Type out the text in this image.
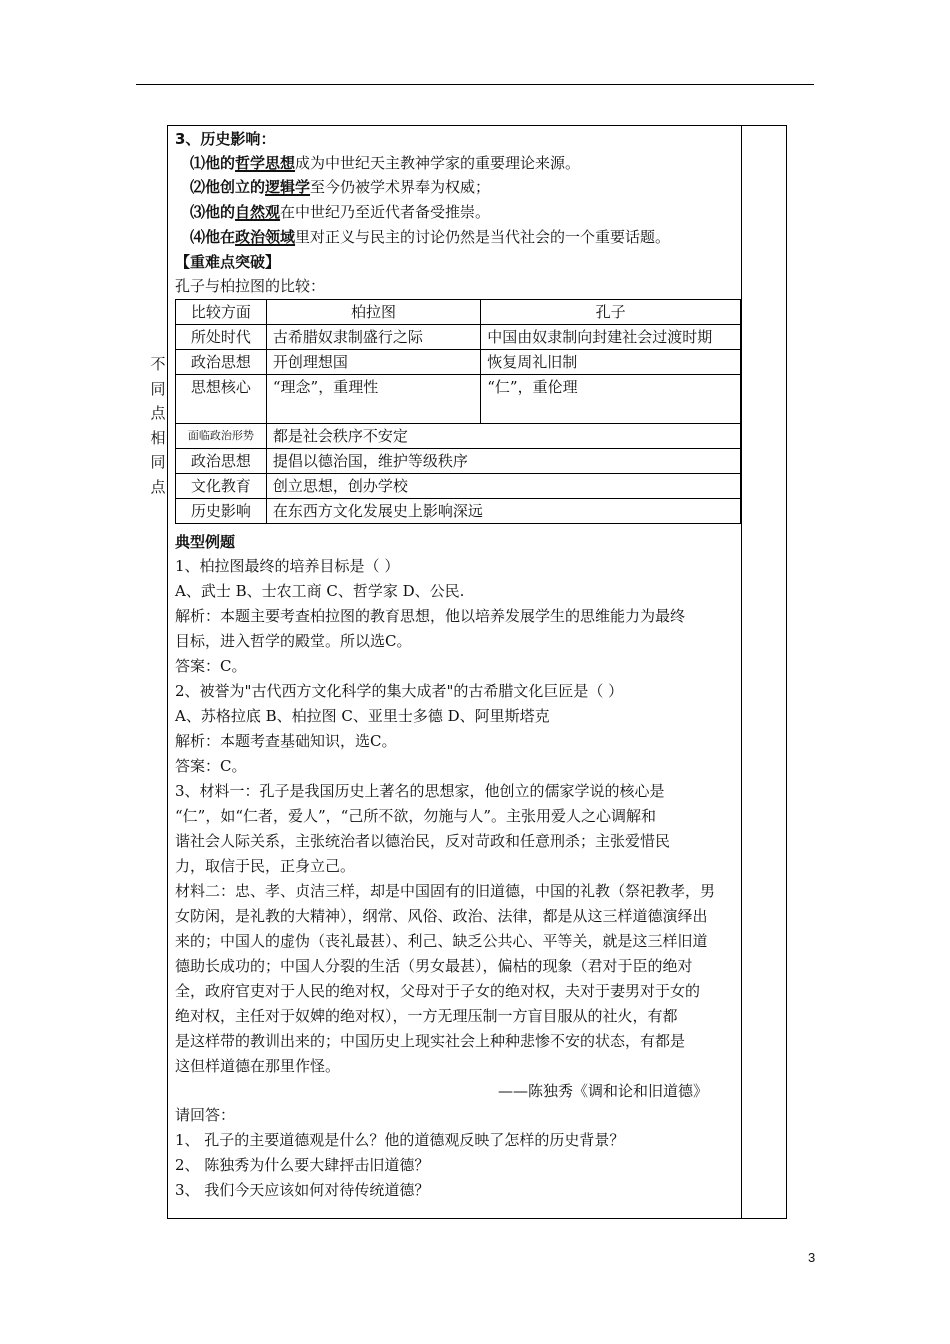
3、历史影响：
⑴他的哲学思想成为中世纪天主教神学家的重要理论来源。
⑵他创立的逻辑学至今仍被学术界奉为权威；
⑶他的自然观在中世纪乃至近代者备受推崇。
⑷他在政治领域里对正义与民主的讨论仍然是当代社会的一个重要话题。
【重难点突破】
孔子与柏拉图的比较：
比较方面	柏拉图	孔子
所处时代	古希腊奴隶制盛行之际	中国由奴隶制向封建社会过渡时期
政治思想	开创理想国	恢复周礼旧制
思想核心	“理念”，重理性	“仁”，重伦理
面临政治形势	都是社会秩序不安定	
政治思想	提倡以德治国，维护等级秩序	
文化教育	创立思想，创办学校	
历史影响	在东西方文化发展史上影响深远	
不
同
点
相
同
点
典型例题
1、柏拉图最终的培养目标是（ ）
A、武士 B、士农工商 C、哲学家 D、公民.
解析：本题主要考查柏拉图的教育思想，他以培养发展学生的思维能力为最终
目标，进入哲学的殿堂。所以选C。
答案：C。
2、被誉为"古代西方文化科学的集大成者"的古希腊文化巨匠是（ ）
A、苏格拉底 B、柏拉图 C、亚里士多德 D、阿里斯塔克
解析：本题考查基础知识，选C。
答案：C。
3、材料一：孔子是我国历史上著名的思想家，他创立的儒家学说的核心是
“仁”，如“仁者，爱人”，“己所不欲，勿施与人”。主张用爱人之心调解和
谐社会人际关系，主张统治者以德治民，反对苛政和任意刑杀；主张爱惜民
力，取信于民，正身立己。
材料二：忠、孝、贞洁三样，却是中国固有的旧道德，中国的礼教（祭祀教孝，男
女防闲，是礼教的大精神），纲常、风俗、政治、法律，都是从这三样道德演绎出
来的；中国人的虚伪（丧礼最甚）、利己、缺乏公共心、平等关，就是这三样旧道
德助长成功的；中国人分裂的生活（男女最甚），偏枯的现象（君对于臣的绝对
全，政府官吏对于人民的绝对权，父母对于子女的绝对权，夫对于妻男对于女的
绝对权，主任对于奴婢的绝对权），一方无理压制一方盲目服从的社火，有都
是这样带的教训出来的；中国历史上现实社会上种种悲惨不安的状态，有都是
这但样道德在那里作怪。
——陈独秀《调和论和旧道德》
请回答：
1、 孔子的主要道德观是什么？他的道德观反映了怎样的历史背景？
2、 陈独秀为什么要大肆抨击旧道德？
3、 我们今天应该如何对待传统道德？
3
